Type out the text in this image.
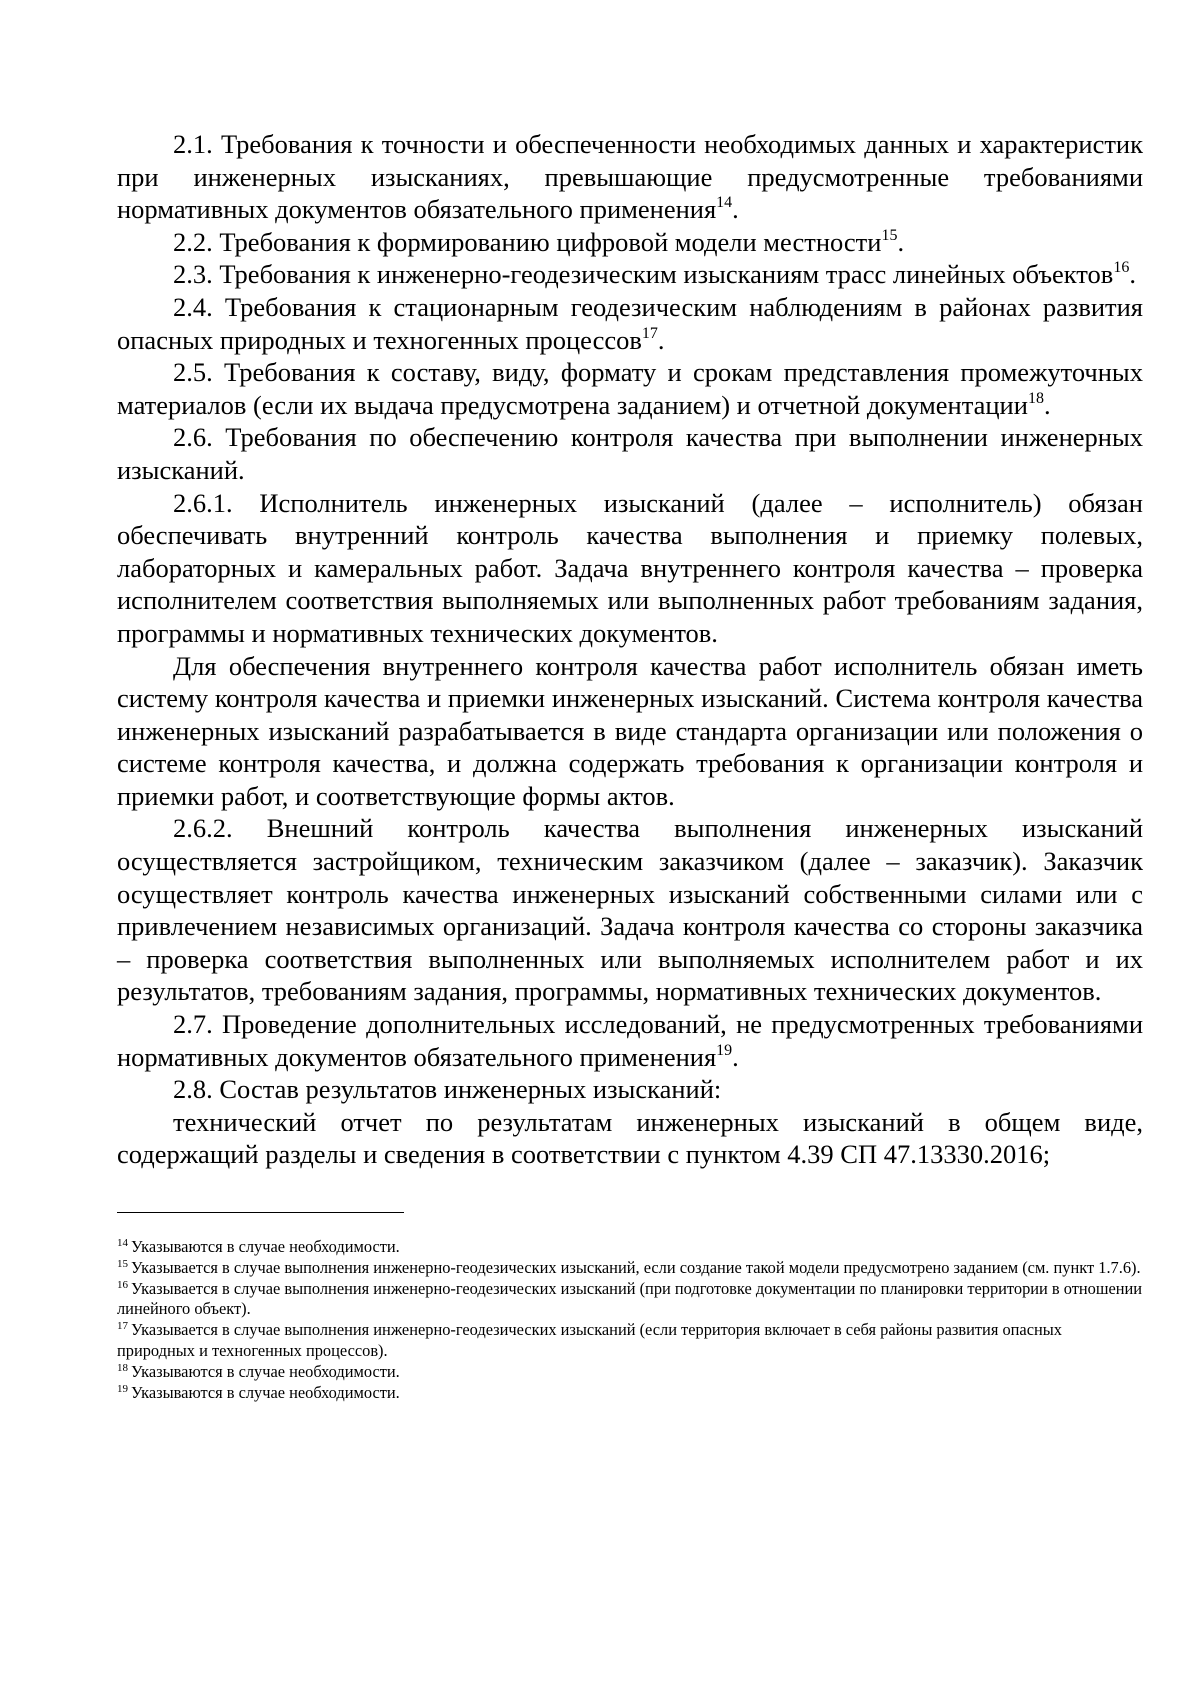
2.1. Требования к точности и обеспеченности необходимых данных и характеристик при инженерных изысканиях, превышающие предусмотренные требованиями нормативных документов обязательного применения$^{14}$.

2.2. Требования к формированию цифровой модели местности$^{15}$.

2.3. Требования к инженерно-геодезическим изысканиям трасс линейных объектов$^{16}$.

2.4. Требования к стационарным геодезическим наблюдениям в районах развития опасных природных и техногенных процессов$^{17}$.

2.5. Требования к составу, виду, формату и срокам представления промежуточных материалов (если их выдача предусмотрена заданием) и отчетной документации$^{18}$.

2.6. Требования по обеспечению контроля качества при выполнении инженерных изысканий.

2.6.1. Исполнитель инженерных изысканий (далее – исполнитель) обязан обеспечивать внутренний контроль качества выполнения и приемку полевых, лабораторных и камеральных работ. Задача внутреннего контроля качества – проверка исполнителем соответствия выполняемых или выполненных работ требованиям задания, программы и нормативных технических документов.

Для обеспечения внутреннего контроля качества работ исполнитель обязан иметь систему контроля качества и приемки инженерных изысканий. Система контроля качества инженерных изысканий разрабатывается в виде стандарта организации или положения о системе контроля качества, и должна содержать требования к организации контроля и приемки работ, и соответствующие формы актов.

2.6.2. Внешний контроль качества выполнения инженерных изысканий осуществляется застройщиком, техническим заказчиком (далее – заказчик). Заказчик осуществляет контроль качества инженерных изысканий собственными силами или с привлечением независимых организаций. Задача контроля качества со стороны заказчика – проверка соответствия выполненных или выполняемых исполнителем работ и их результатов, требованиям задания, программы, нормативных технических документов.

2.7. Проведение дополнительных исследований, не предусмотренных требованиями нормативных документов обязательного применения$^{19}$.

2.8. Состав результатов инженерных изысканий:

технический отчет по результатам инженерных изысканий в общем виде, содержащий разделы и сведения в соответствии с пунктом 4.39 СП 47.13330.2016;

$^{14}$ Указываются в случае необходимости.

$^{15}$ Указывается в случае выполнения инженерно-геодезических изысканий, если создание такой модели предусмотрено заданием (см. пункт 1.7.6).

$^{16}$ Указывается в случае выполнения инженерно-геодезических изысканий (при подготовке документации по планировки территории в отношении линейного объект).

$^{17}$ Указывается в случае выполнения инженерно-геодезических изысканий (если территория включает в себя районы развития опасных природных и техногенных процессов).

$^{18}$ Указываются в случае необходимости.

$^{19}$ Указываются в случае необходимости.
